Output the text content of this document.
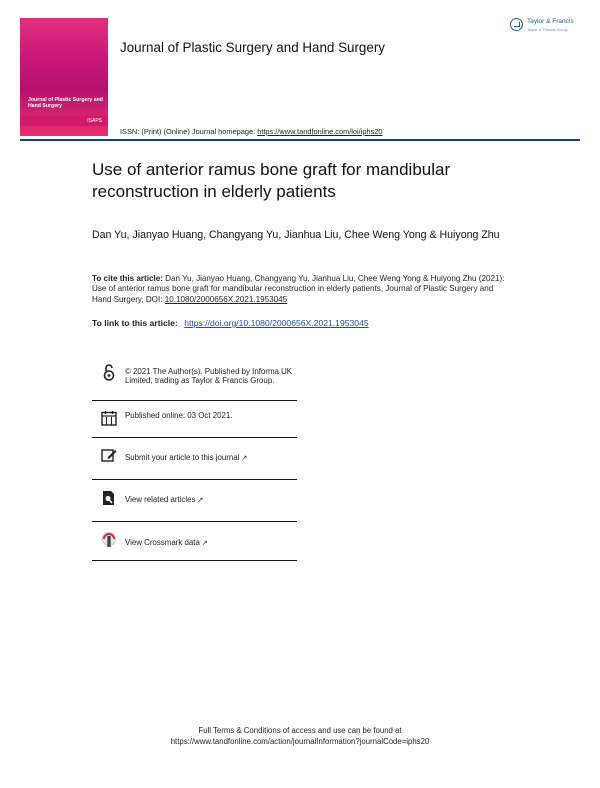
Journal of Plastic Surgery and Hand Surgery
ISAPS
Journal of Plastic Surgery and Hand Surgery
Taylor & Francis
Taylor & Francis Group
ISSN: (Print) (Online) Journal homepage: https://www.tandfonline.com/loi/iphs20
Use of anterior ramus bone graft for mandibular reconstruction in elderly patients
Dan Yu, Jianyao Huang, Changyang Yu, Jianhua Liu, Chee Weng Yong & Huiyong Zhu
To cite this article: Dan Yu, Jianyao Huang, Changyang Yu, Jianhua Liu, Chee Weng Yong & Huiyong Zhu (2021): Use of anterior ramus bone graft for mandibular reconstruction in elderly patients, Journal of Plastic Surgery and Hand Surgery, DOI: 10.1080/2000656X.2021.1953045
To link to this article: https://doi.org/10.1080/2000656X.2021.1953045
© 2021 The Author(s). Published by Informa UK Limited, trading as Taylor & Francis Group.
Published online: 03 Oct 2021.
Submit your article to this journal ↗
View related articles ↗
View Crossmark data ↗
Full Terms & Conditions of access and use can be found at
https://www.tandfonline.com/action/journalInformation?journalCode=iphs20
